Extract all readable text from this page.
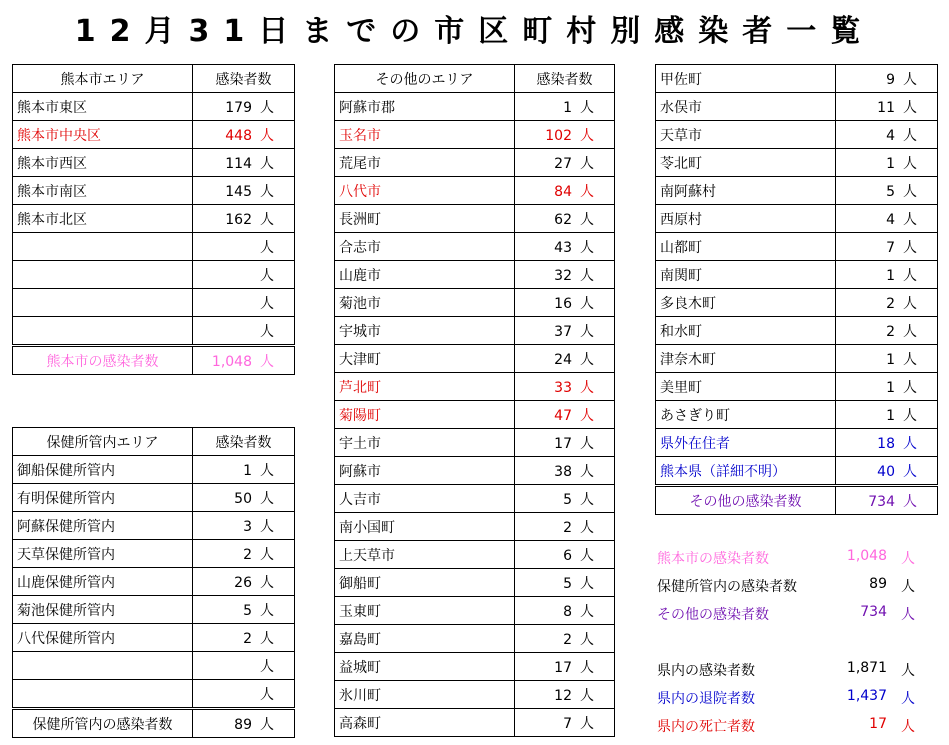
12月31日までの市区町村別感染者一覧
熊本市エリア	感染者数
熊本市東区	179 人
熊本市中央区	448 人
熊本市西区	114 人
熊本市南区	145 人
熊本市北区	162 人
	人
	人
	人
	人
熊本市の感染者数	1,048 人
保健所管内エリア	感染者数
御船保健所管内	1 人
有明保健所管内	50 人
阿蘇保健所管内	3 人
天草保健所管内	2 人
山鹿保健所管内	26 人
菊池保健所管内	5 人
八代保健所管内	2 人
	人
	人
保健所管内の感染者数	89 人
その他のエリア	感染者数
阿蘇市郡	1 人
玉名市	102 人
荒尾市	27 人
八代市	84 人
長洲町	62 人
合志市	43 人
山鹿市	32 人
菊池市	16 人
宇城市	37 人
大津町	24 人
芦北町	33 人
菊陽町	47 人
宇土市	17 人
阿蘇市	38 人
人吉市	5 人
南小国町	2 人
上天草市	6 人
御船町	5 人
玉東町	8 人
嘉島町	2 人
益城町	17 人
氷川町	12 人
高森町	7 人
甲佐町	9 人
水俣市	11 人
天草市	4 人
苓北町	1 人
南阿蘇村	5 人
西原村	4 人
山都町	7 人
南関町	1 人
多良木町	2 人
和水町	2 人
津奈木町	1 人
美里町	1 人
あさぎり町	1 人
県外在住者	18 人
熊本県（詳細不明）	40 人
その他の感染者数	734 人
熊本市の感染者数	1,048 人
保健所管内の感染者数	89 人
その他の感染者数	734 人
県内の感染者数	1,871 人
県内の退院者数	1,437 人
県内の死亡者数	17 人
